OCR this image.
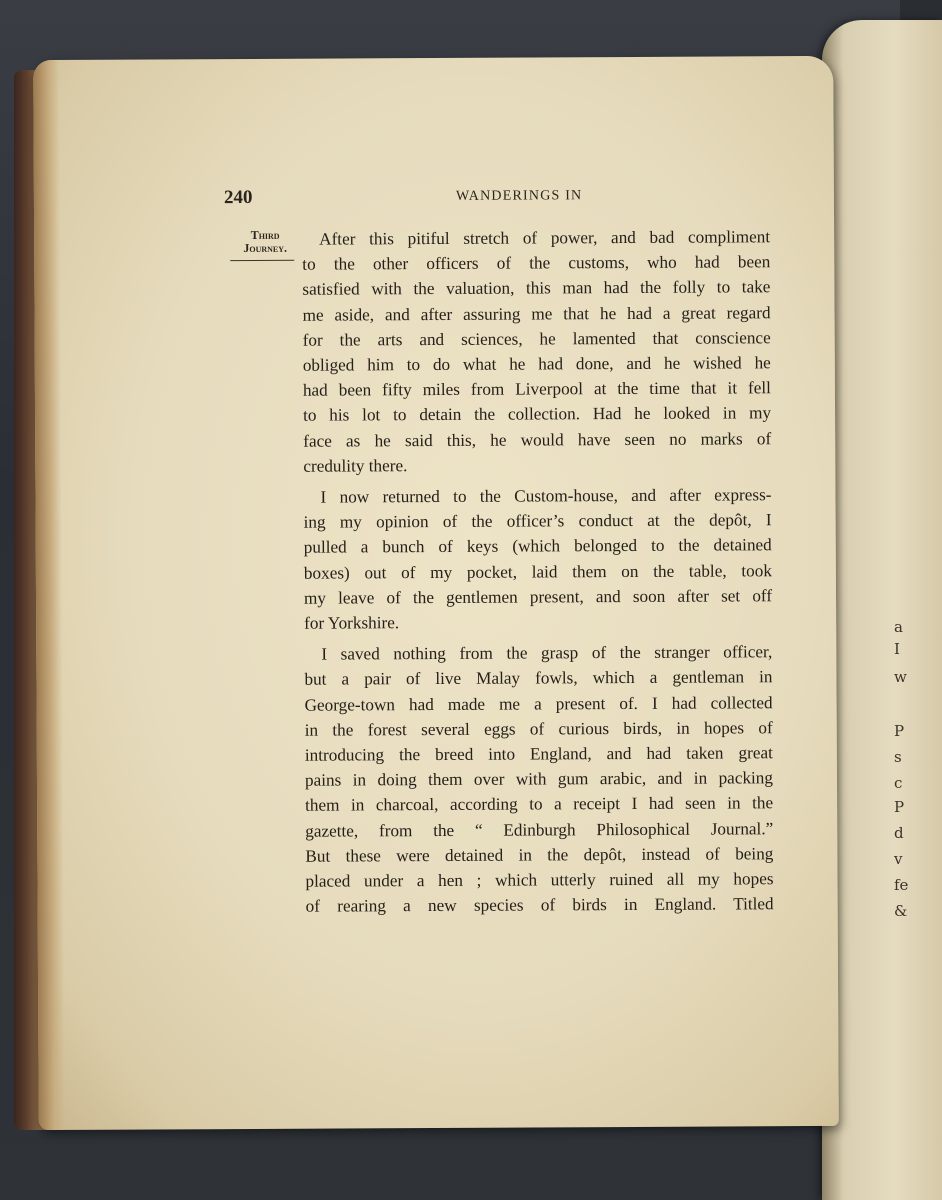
a
I
w
P
s
c
P
d
v
fe
&
240	WANDERINGS IN
Third
Journey.	After this pitiful stretch of power, and bad compliment
to the other officers of the customs, who had been
satisfied with the valuation, this man had the folly to take
me aside, and after assuring me that he had a great regard
for the arts and sciences, he lamented that conscience
obliged him to do what he had done, and he wished he
had been fifty miles from Liverpool at the time that it fell
to his lot to detain the collection. Had he looked in my
face as he said this, he would have seen no marks of
credulity there.
I now returned to the Custom-house, and after express-
ing my opinion of the officer’s conduct at the depôt, I
pulled a bunch of keys (which belonged to the detained
boxes) out of my pocket, laid them on the table, took
my leave of the gentlemen present, and soon after set off
for Yorkshire.
I saved nothing from the grasp of the stranger officer,
but a pair of live Malay fowls, which a gentleman in
George-town had made me a present of. I had collected
in the forest several eggs of curious birds, in hopes of
introducing the breed into England, and had taken great
pains in doing them over with gum arabic, and in packing
them in charcoal, according to a receipt I had seen in the
gazette, from the “ Edinburgh Philosophical Journal.”
But these were detained in the depôt, instead of being
placed under a hen ; which utterly ruined all my hopes
of rearing a new species of birds in England. Titled
